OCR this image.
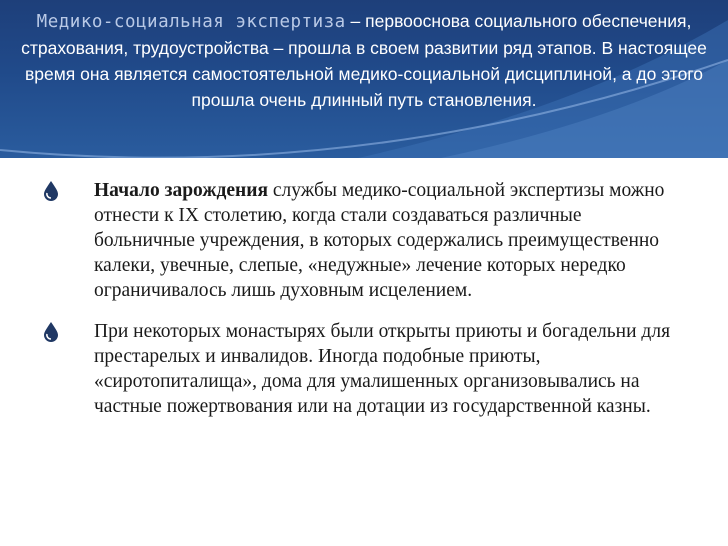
Медико-социальная экспертиза – первооснова социального обеспечения, страхования, трудоустройства – прошла в своем развитии ряд этапов. В настоящее время она является самостоятельной медико-социальной дисциплиной, а до этого прошла очень длинный путь становления.
Начало зарождения службы медико-социальной экспертизы можно отнести к IX столетию, когда стали создаваться различные больничные учреждения, в которых содержались преимущественно калеки, увечные, слепые, «недужные» лечение которых нередко ограничивалось лишь духовным исцелением.
При некоторых монастырях были открыты приюты и богадельни для престарелых и инвалидов. Иногда подобные приюты, «сиротопиталища», дома для умалишенных организовывались на частные пожертвования или на дотации из государственной казны.
